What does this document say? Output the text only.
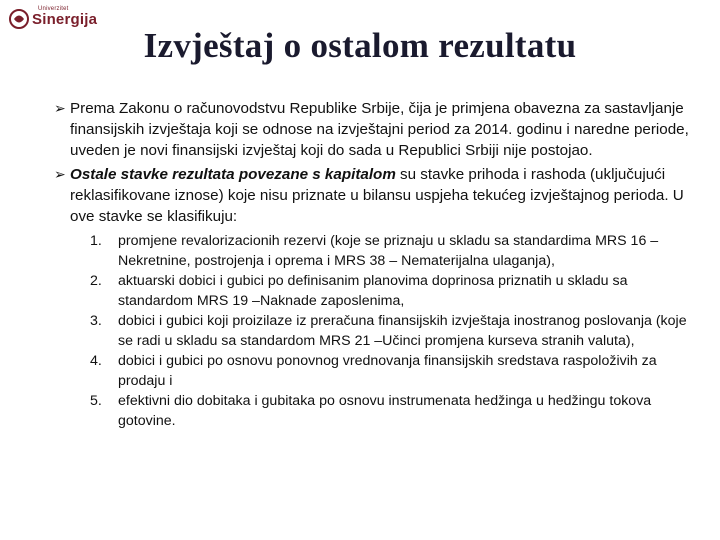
Univerzitet
Sinergija
Izvještaj o ostalom rezultatu
➢ Prema Zakonu o računovodstvu Republike Srbije, čija je primjena obavezna za sastavljanje finansijskih izvještaja koji se odnose na izvještajni period za 2014. godinu i naredne periode, uveden je novi finansijski izvještaj koji do sada u Republici Srbiji nije postojao.
➢ Ostale stavke rezultata povezane s kapitalom su stavke prihoda i rashoda (uključujući reklasifikovane iznose) koje nisu priznate u bilansu uspjeha tekućeg izvještajnog perioda. U ove stavke se klasifikuju:
1. promjene revalorizacionih rezervi (koje se priznaju u skladu sa standardima MRS 16 – Nekretnine, postrojenja i oprema i MRS 38 – Nematerijalna ulaganja),
2. aktuarski dobici i gubici po definisanim planovima doprinosa priznatih u skladu sa standardom MRS 19 –Naknade zaposlenima,
3. dobici i gubici koji proizilaze iz preračuna finansijskih izvještaja inostranog poslovanja (koje se radi u skladu sa standardom MRS 21 –Učinci promjena kurseva stranih valuta),
4. dobici i gubici po osnovu ponovnog vrednovanja finansijskih sredstava raspoloživih za prodaju i
5. efektivni dio dobitaka i gubitaka po osnovu instrumenata hedžinga u hedžingu tokova gotovine.
